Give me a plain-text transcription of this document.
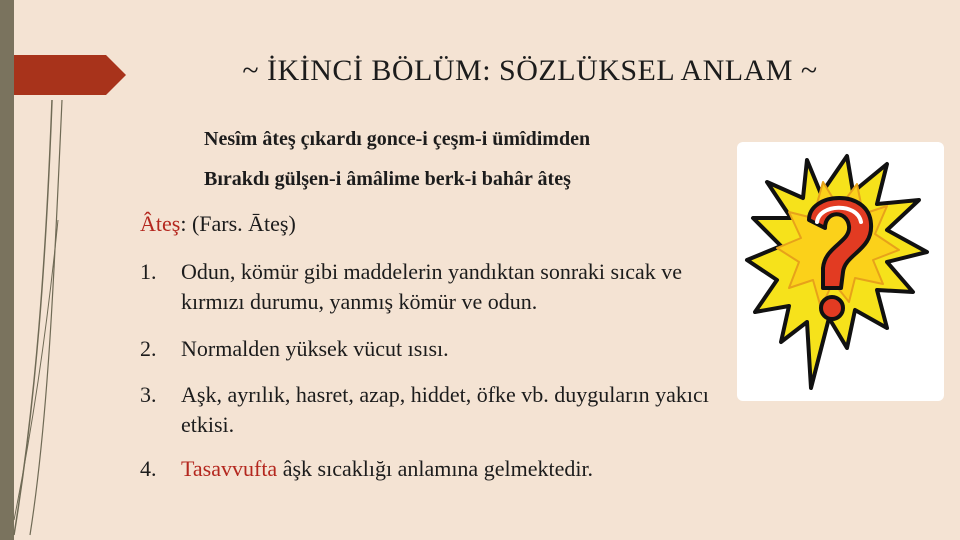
~ İKİNCİ BÖLÜM: SÖZLÜKSEL ANLAM ~
Nesîm âteş çıkardı gonce-i çeşm-i ümîdimden
Bırakdı gülşen-i âmâlime berk-i bahâr âteş
Âteş: (Fars. Āteş)
1. Odun, kömür gibi maddelerin yandıktan sonraki sıcak ve kırmızı durumu, yanmış kömür ve odun.
2. Normalden yüksek vücut ısısı.
3. Aşk, ayrılık, hasret, azap, hiddet, öfke vb. duyguların yakıcı etkisi.
4. Tasavvufta âşk sıcaklığı anlamına gelmektedir.
